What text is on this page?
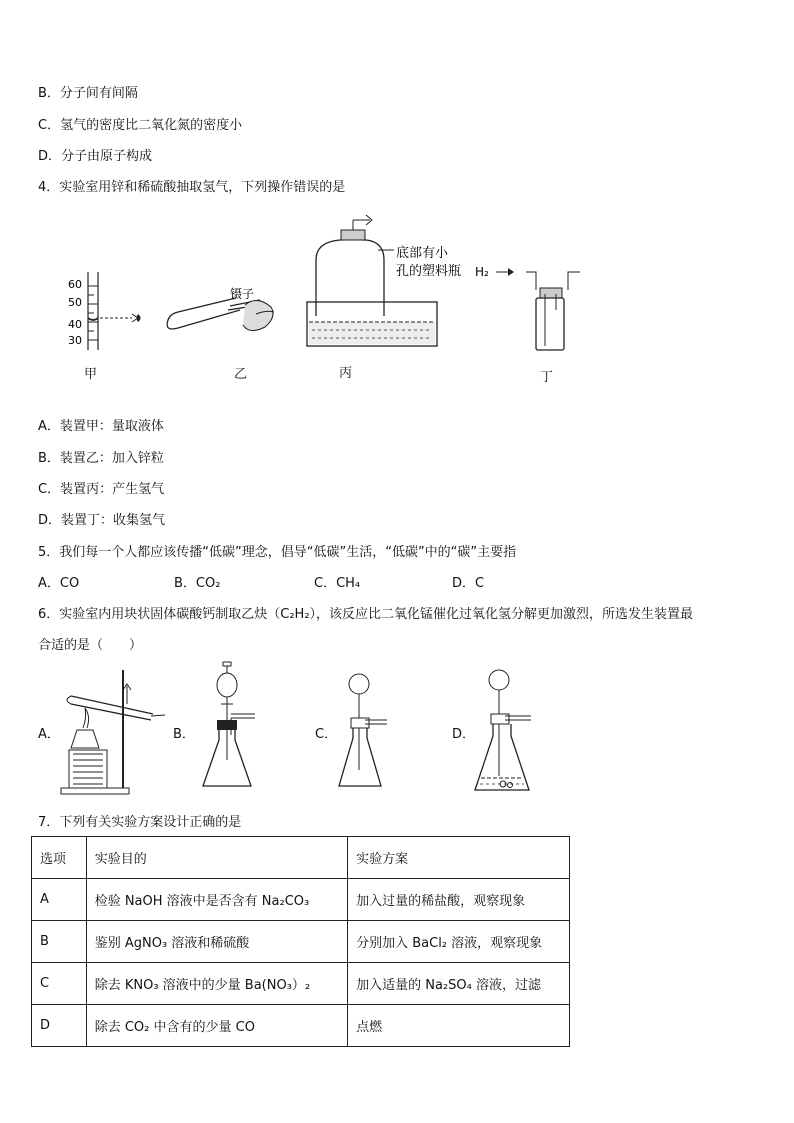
B．分子间有间隔
C．氢气的密度比二氧化氮的密度小
D．分子由原子构成
4．实验室用锌和稀硫酸抽取氢气，下列操作错误的是
60
50
40
30
镊子
底部有小
孔的塑料瓶 H₂
甲	乙	丙	丁
A．装置甲：量取液体
B．装置乙：加入锌粒
C．装置丙：产生氢气
D．装置丁：收集氢气
5．我们每一个人都应该传播“低碳”理念，倡导“低碳”生活，“低碳”中的“碳”主要指
A．CO	B．CO₂	C．CH₄	D．C
6．实验室内用块状固体碳酸钙制取乙炔（C₂H₂），该反应比二氧化锰催化过氧化氢分解更加激烈，所选发生装置最
合适的是（　　）
A．	B．	C．	D．
7．下列有关实验方案设计正确的是
选项	实验目的	实验方案
A	检验 NaOH 溶液中是否含有 Na₂CO₃	加入过量的稀盐酸，观察现象
B	鉴别 AgNO₃ 溶液和稀硫酸	分别加入 BaCl₂ 溶液，观察现象
C	除去 KNO₃ 溶液中的少量 Ba(NO₃）₂	加入适量的 Na₂SO₄ 溶液，过滤
D	除去 CO₂ 中含有的少量 CO	点燃
